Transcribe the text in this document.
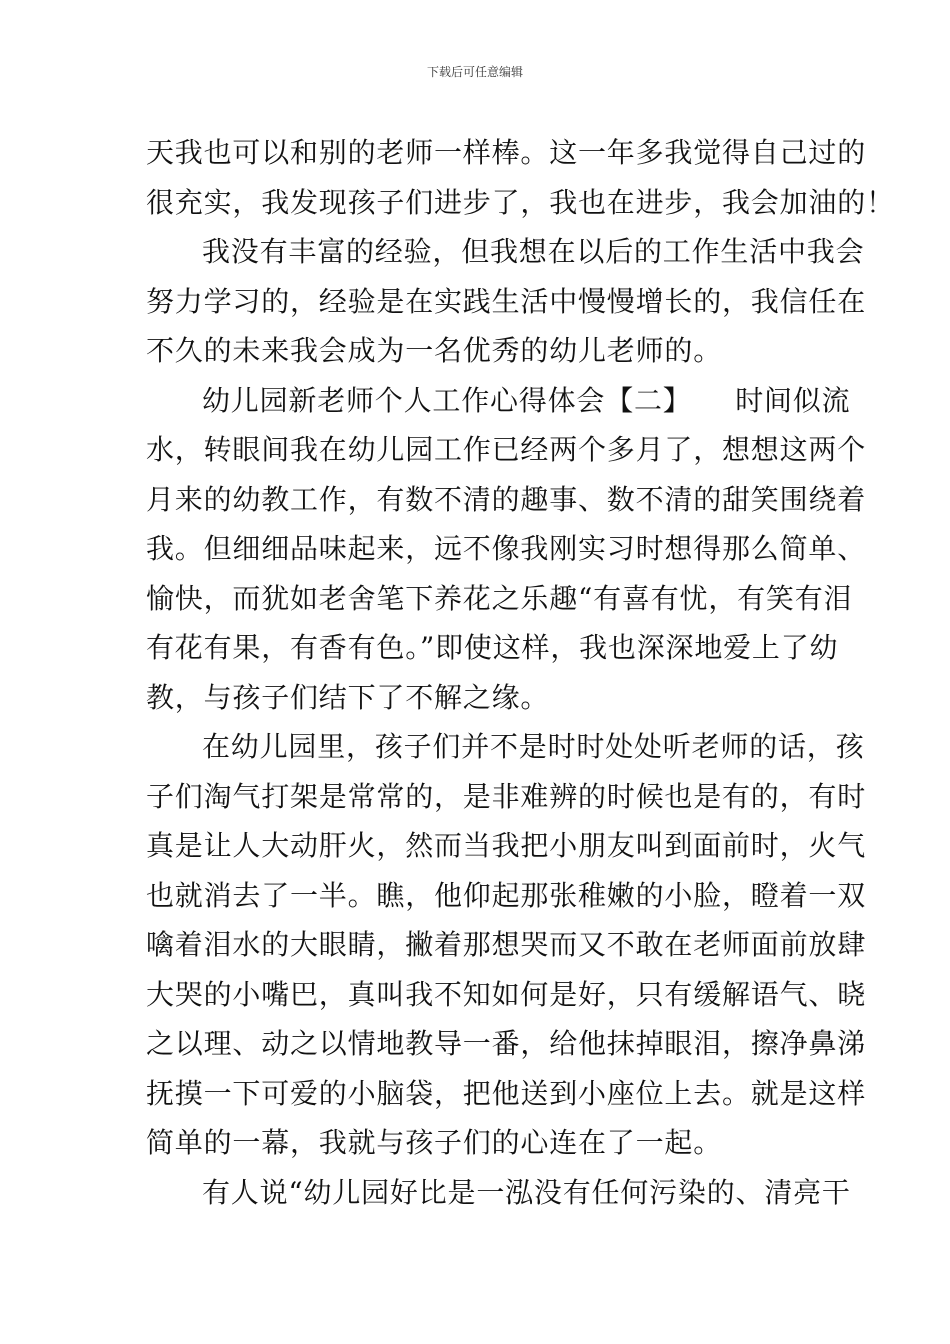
下载后可任意编辑
天我也可以和别的老师一样棒。这一年多我觉得自己过的
很充实，我发现孩子们进步了，我也在进步，我会加油的！
我没有丰富的经验，但我想在以后的工作生活中我会
努力学习的，经验是在实践生活中慢慢增长的，我信任在
不久的未来我会成为一名优秀的幼儿老师的。
幼儿园新老师个人工作心得体会【二】　　时间似流
水，转眼间我在幼儿园工作已经两个多月了，想想这两个
月来的幼教工作，有数不清的趣事、数不清的甜笑围绕着
我。但细细品味起来，远不像我刚实习时想得那么简单、
愉快，而犹如老舍笔下养花之乐趣“有喜有忧，有笑有泪
有花有果，有香有色。”即使这样，我也深深地爱上了幼
教，与孩子们结下了不解之缘。
在幼儿园里，孩子们并不是时时处处听老师的话，孩
子们淘气打架是常常的，是非难辨的时候也是有的，有时
真是让人大动肝火，然而当我把小朋友叫到面前时，火气
也就消去了一半。瞧，他仰起那张稚嫩的小脸，瞪着一双
噙着泪水的大眼睛，撇着那想哭而又不敢在老师面前放肆
大哭的小嘴巴，真叫我不知如何是好，只有缓解语气、晓
之以理、动之以情地教导一番，给他抹掉眼泪，擦净鼻涕
抚摸一下可爱的小脑袋，把他送到小座位上去。就是这样
简单的一幕，我就与孩子们的心连在了一起。
有人说“幼儿园好比是一泓没有任何污染的、清亮干
